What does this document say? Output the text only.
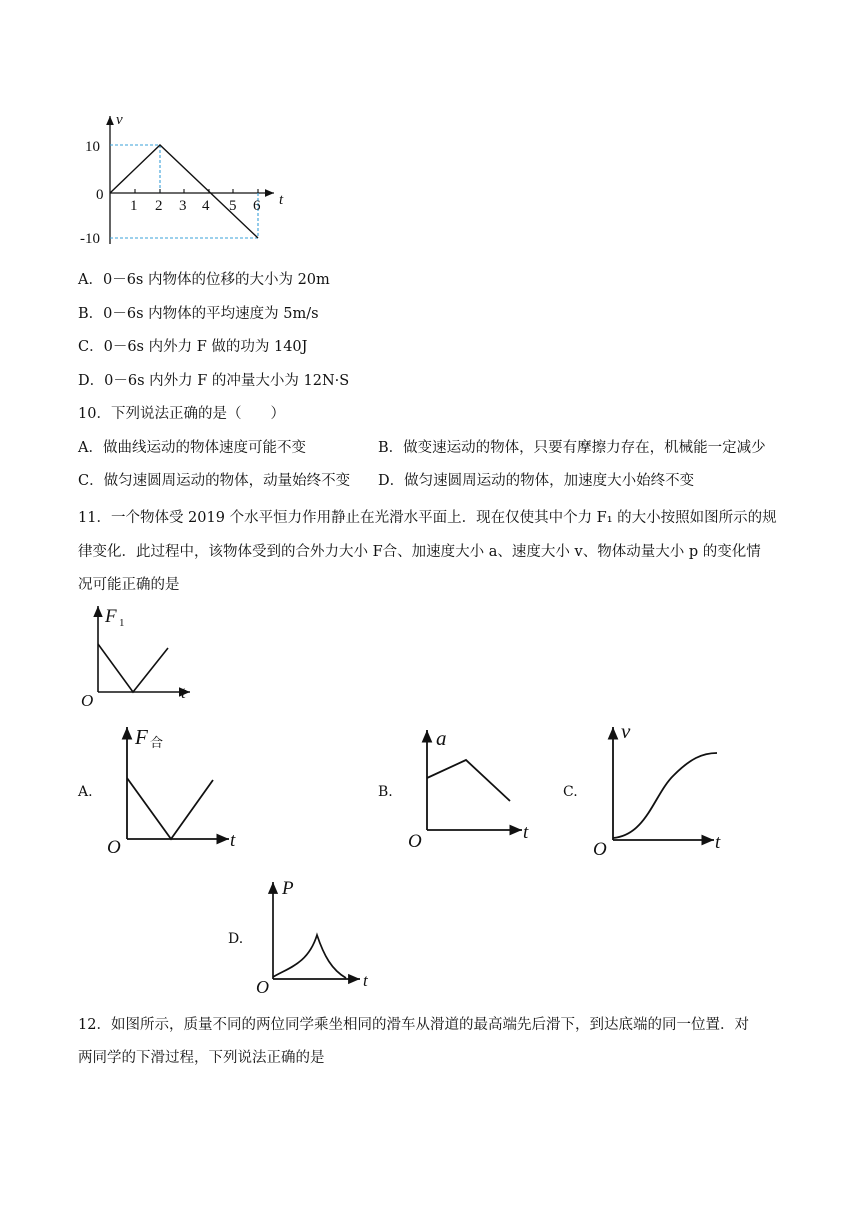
v
t
10
0
-10
1 2 3 4 5 6
A．0－6s 内物体的位移的大小为 20m
B．0－6s 内物体的平均速度为 5m/s
C．0－6s 内外力 F 做的功为 140J
D．0－6s 内外力 F 的冲量大小为 12N·S
10．下列说法正确的是（　　）
A．做曲线运动的物体速度可能不变	B．做变速运动的物体，只要有摩擦力存在，机械能一定减少
C．做匀速圆周运动的物体，动量始终不变 D．做匀速圆周运动的物体，加速度大小始终不变
11．一个物体受 2019 个水平恒力作用静止在光滑水平面上．现在仅使其中个力 F₁ 的大小按照如图所示的规
律变化．此过程中，该物体受到的合外力大小 F合、加速度大小 a、速度大小 v、物体动量大小 p 的变化情
况可能正确的是
F 1
t
O
A.
F 合
t
O
B.
a
t
O
C.
v
t
O
D.
P
t
O
12．如图所示，质量不同的两位同学乘坐相同的滑车从滑道的最高端先后滑下，到达底端的同一位置．对
两同学的下滑过程，下列说法正确的是
